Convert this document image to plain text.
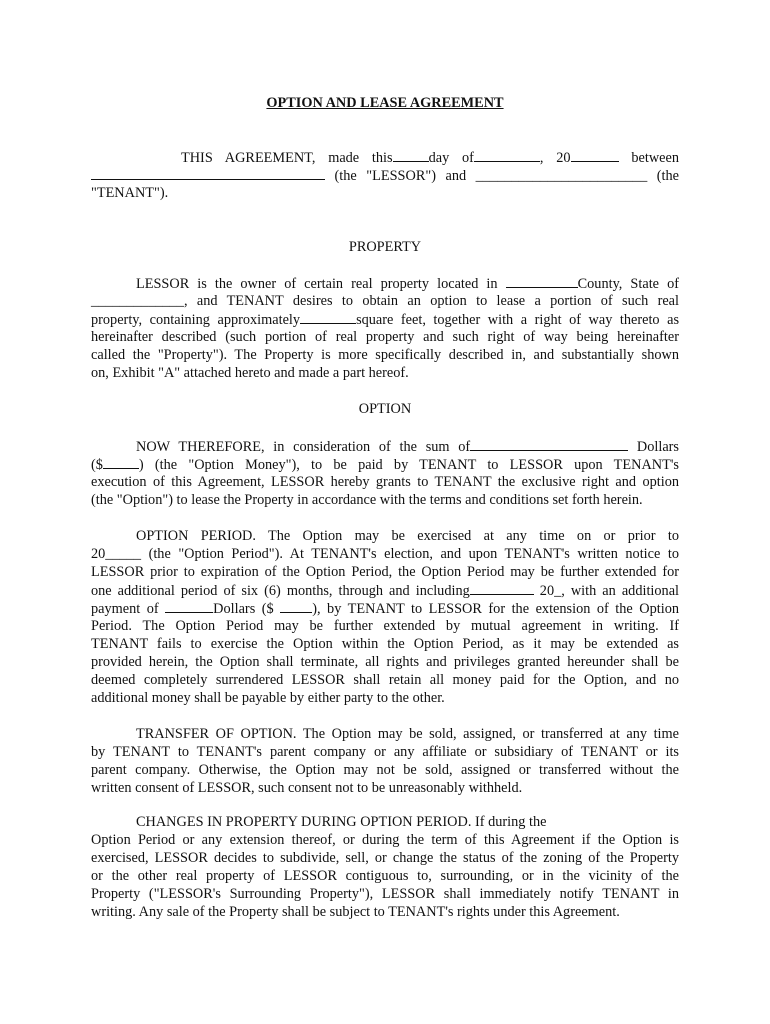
OPTION AND LEASE AGREEMENT
THIS AGREEMENT, made this	day of	, 20	between
(the "LESSOR") and ________________________ (the
"TENANT").
PROPERTY
LESSOR is the owner of certain real property located in	County, State of
_____________, and TENANT desires to obtain an option to lease a portion of such real
property, containing approximately	square feet, together with a right of way thereto as
hereinafter described (such portion of real property and such right of way being hereinafter
called the "Property"). The Property is more specifically described in, and substantially shown
on, Exhibit "A" attached hereto and made a part hereof.
OPTION
NOW THEREFORE, in consideration of the sum of	Dollars
($	) (the "Option Money"), to be paid by TENANT to LESSOR upon TENANT's
execution of this Agreement, LESSOR hereby grants to TENANT the exclusive right and option
(the "Option") to lease the Property in accordance with the terms and conditions set forth herein.
OPTION PERIOD. The Option may be exercised at any time on or prior to
20_____ (the "Option Period"). At TENANT's election, and upon TENANT's written notice to
LESSOR prior to expiration of the Option Period, the Option Period may be further extended for
one additional period of six (6) months, through and including	20_, with an additional
payment of	Dollars ($	), by TENANT to LESSOR for the extension of the Option
Period. The Option Period may be further extended by mutual agreement in writing. If
TENANT fails to exercise the Option within the Option Period, as it may be extended as
provided herein, the Option shall terminate, all rights and privileges granted hereunder shall be
deemed completely surrendered LESSOR shall retain all money paid for the Option, and no
additional money shall be payable by either party to the other.
TRANSFER OF OPTION. The Option may be sold, assigned, or transferred at any time
by TENANT to TENANT's parent company or any affiliate or subsidiary of TENANT or its
parent company. Otherwise, the Option may not be sold, assigned or transferred without the
written consent of LESSOR, such consent not to be unreasonably withheld.
CHANGES IN PROPERTY DURING OPTION PERIOD. If during the
Option Period or any extension thereof, or during the term of this Agreement if the Option is
exercised, LESSOR decides to subdivide, sell, or change the status of the zoning of the Property
or the other real property of LESSOR contiguous to, surrounding, or in the vicinity of the
Property ("LESSOR's Surrounding Property"), LESSOR shall immediately notify TENANT in
writing. Any sale of the Property shall be subject to TENANT's rights under this Agreement.
